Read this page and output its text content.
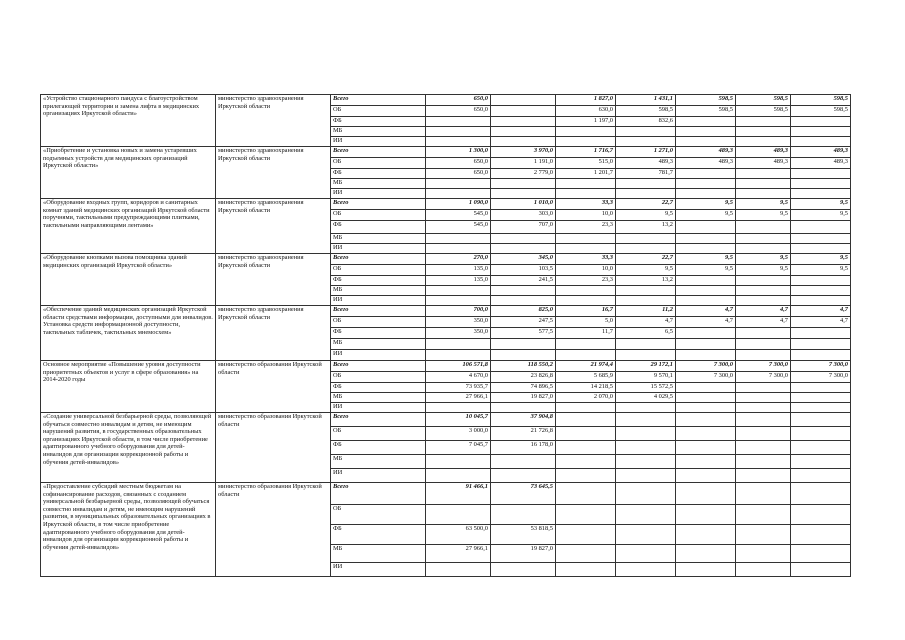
«Устройство стационарного пандуса с благоустройством прилегающей территории и замена лифта в медицинских организациях Иркутской области»	министерство здравоохранения Иркутской области	Всего	650,0		1 827,0	1 431,1	598,5	598,5	598,5
		ОБ	650,0		630,0	598,5	598,5	598,5	598,5
		ФБ			1 197,0	832,6			
		МБ							
		ИИ							
«Приобретение и установка новых и замена устаревших подъемных устройств для медицинских организаций Иркутской области»	министерство здравоохранения Иркутской области	Всего	1 300,0	3 970,0	1 716,7	1 271,0	489,3	489,3	489,3
		ОБ	650,0	1 191,0	515,0	489,3	489,3	489,3	489,3
		ФБ	650,0	2 779,0	1 201,7	781,7			
		МБ							
		ИИ							
«Оборудование входных групп, коридоров и санитарных комнат зданий медицинских организаций Иркутской области поручнями, тактильными предупреждающими плитками, тактильными направляющими лентами»	министерство здравоохранения Иркутской области	Всего	1 090,0	1 010,0	33,3	22,7	9,5	9,5	9,5
		ОБ	545,0	303,0	10,0	9,5	9,5	9,5	9,5
		ФБ	545,0	707,0	23,3	13,2			
		МБ							
		ИИ							
«Оборудование кнопками вызова помощника зданий медицинских организаций Иркутской области»	министерство здравоохранения Иркутской области	Всего	270,0	345,0	33,3	22,7	9,5	9,5	9,5
		ОБ	135,0	103,5	10,0	9,5	9,5	9,5	9,5
		ФБ	135,0	241,5	23,3	13,2			
		МБ							
		ИИ							
«Обеспечение зданий медицинских организаций Иркутской области средствами информации, доступными для инвалидов. Установка средств информационной доступности, тактильных табличек, тактильных мнемосхем»	министерство здравоохранения Иркутской области	Всего	700,0	825,0	16,7	11,2	4,7	4,7	4,7
		ОБ	350,0	247,5	5,0	4,7	4,7	4,7	4,7
		ФБ	350,0	577,5	11,7	6,5			
		МБ							
		ИИ							
Основное мероприятие «Повышение уровня доступности приоритетных объектов и услуг в сфере образования» на 2014-2020 годы	министерство образования Иркутской области	Всего	106 571,8	118 550,2	21 974,4	29 172,1	7 300,0	7 300,0	7 300,0
		ОБ	4 670,0	23 826,8	5 685,9	9 570,1	7 300,0	7 300,0	7 300,0
		ФБ	73 935,7	74 896,5	14 218,5	15 572,5			
		МБ	27 966,1	19 827,0	2 070,0	4 029,5			
		ИИ							
«Создание универсальной безбарьерной среды, позволяющей обучаться совместно инвалидам и детям, не имеющим нарушений развития, в государственных образовательных организациях Иркутской области, в том числе приобретение адаптированного учебного оборудования для детей-инвалидов для организации коррекционной работы и обучения детей-инвалидов»	министерство образования Иркутской области	Всего	10 045,7	37 904,8					
		ОБ	3 000,0	21 726,8					
		ФБ	7 045,7	16 178,0					
		МБ							
		ИИ							
«Предоставление субсидий местным бюджетам на софинансирование расходов, связанных с созданием универсальной безбарьерной среды, позволяющей обучаться совместно инвалидам и детям, не имеющим нарушений развития, в муниципальных образовательных организациях в Иркутской области, в том числе приобретение адаптированного учебного оборудования для детей-инвалидов для организации коррекционной работы и обучения детей-инвалидов»	министерство образования Иркутской области	Всего	91 466,1	73 645,5					
		ОБ							
		ФБ	63 500,0	53 818,5					
		МБ	27 966,1	19 827,0					
		ИИ							
